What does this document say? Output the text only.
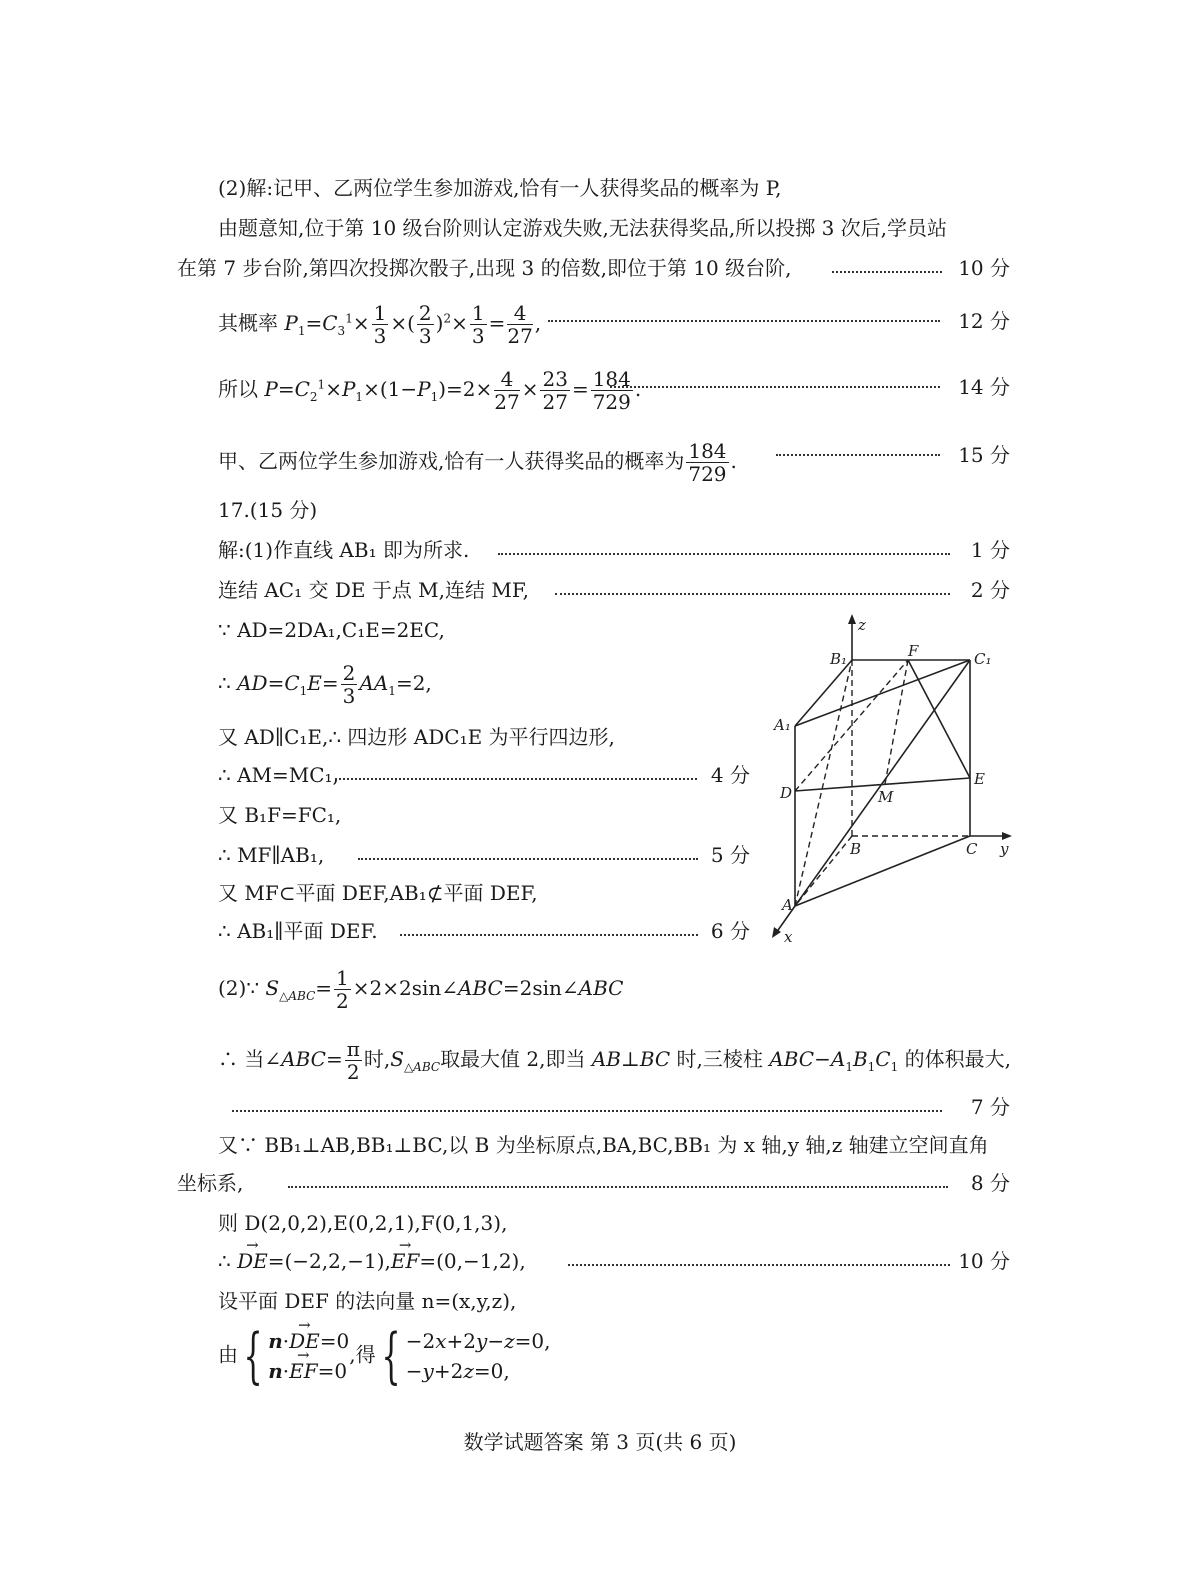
(2)解:记甲、乙两位学生参加游戏,恰有一人获得奖品的概率为 P,
由题意知,位于第 10 级台阶则认定游戏失败,无法获得奖品,所以投掷 3 次后,学员站
在第 7 步台阶,第四次投掷次骰子,出现 3 的倍数,即位于第 10 级台阶,	10 分
其概率 $P_1=C_3^1\times \frac{1}{3}$ ×( $\frac{2}{3} )^2\times \frac{1}{3} = \frac{4}{27}$ ,	12 分
所以 $P=C_2^1\times P_1\times(1-P_1)=2\times \frac{4}{27} \times \frac{23}{27} = \frac{184}{729}$ .	14 分
甲、乙两位学生参加游戏,恰有一人获得奖品的概率为 $\frac{184}{729}$ .	15 分
17.(15 分)
解:(1)作直线 AB₁ 即为所求.	1 分
连结 AC₁ 交 DE 于点 M,连结 MF,	2 分
∵ AD=2DA₁,C₁E=2EC,
∴ $AD=C_1E= \frac{2}{3} AA_1=2$,
又 AD∥C₁E,∴ 四边形 ADC₁E 为平行四边形,
∴ AM=MC₁,	4 分
又 B₁F=FC₁,
∴ MF∥AB₁,	5 分
又 MF⊂平面 DEF,AB₁⊄平面 DEF,
∴ AB₁∥平面 DEF.	6 分
(2)∵ $S_{\triangle ABC}= \frac{1}{2}$ ×2×2sin∠ABC=2sin∠ABC
∴ 当∠ABC= $\frac{\pi}{2}$ 时$,S_{\triangle ABC}$取最大值 2,即当 AB⊥BC 时,三棱柱 $ABC-A_1B_1C_1$ 的体积最大,
7 分
又∵ BB₁⊥AB,BB₁⊥BC,以 B 为坐标原点,BA,BC,BB₁ 为 x 轴,y 轴,z 轴建立空间直角
坐标系,	8 分
则 D(2,0,2),E(0,2,1),F(0,1,3),
∴ → DE=(−2,2,−1),→ EF=(0,−1,2),	10 分
设平面 DEF 的法向量 n=(x,y,z),
由{ n·→ DE=0
n·→ EF=0
,得{ −2x+2y−z=0,
−y+2z=0,
z
B₁	F	C₁
A₁
E
D	M
B	C y
A
x
数学试题答案 第 3 页(共 6 页)
